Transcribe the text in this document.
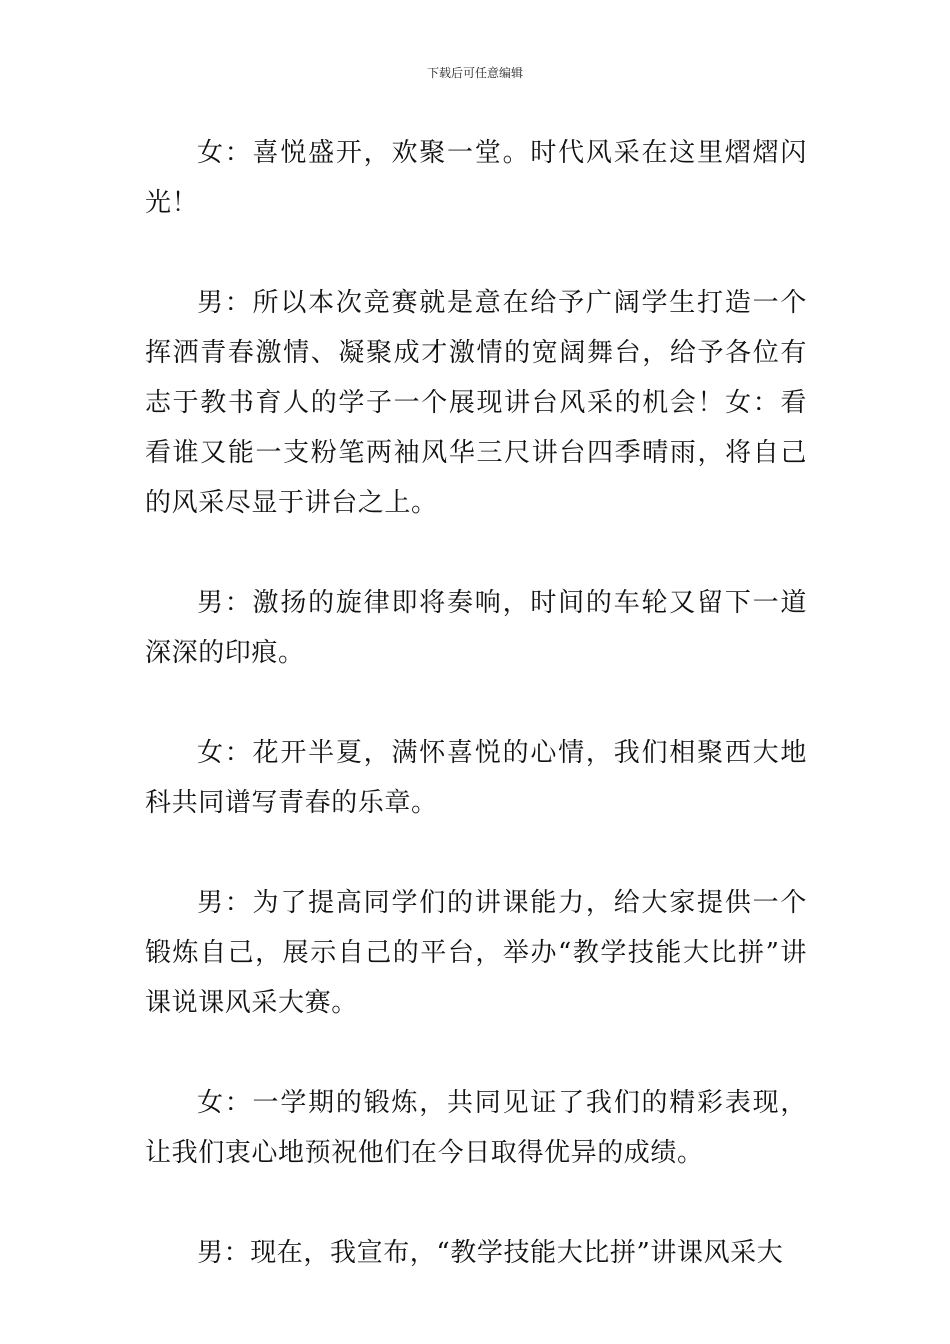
下载后可任意编辑

女：喜悦盛开，欢聚一堂。时代风采在这里熠熠闪光！

男：所以本次竞赛就是意在给予广阔学生打造一个挥洒青春激情、凝聚成才激情的宽阔舞台，给予各位有志于教书育人的学子一个展现讲台风采的机会！女：看看谁又能一支粉笔两袖风华三尺讲台四季晴雨，将自己的风采尽显于讲台之上。

男：激扬的旋律即将奏响，时间的车轮又留下一道深深的印痕。

女：花开半夏，满怀喜悦的心情，我们相聚西大地科共同谱写青春的乐章。

男：为了提高同学们的讲课能力，给大家提供一个锻炼自己，展示自己的平台，举办“教学技能大比拼”讲课说课风采大赛。

女：一学期的锻炼，共同见证了我们的精彩表现，让我们衷心地预祝他们在今日取得优异的成绩。

男：现在，我宣布，“教学技能大比拼”讲课风采大
